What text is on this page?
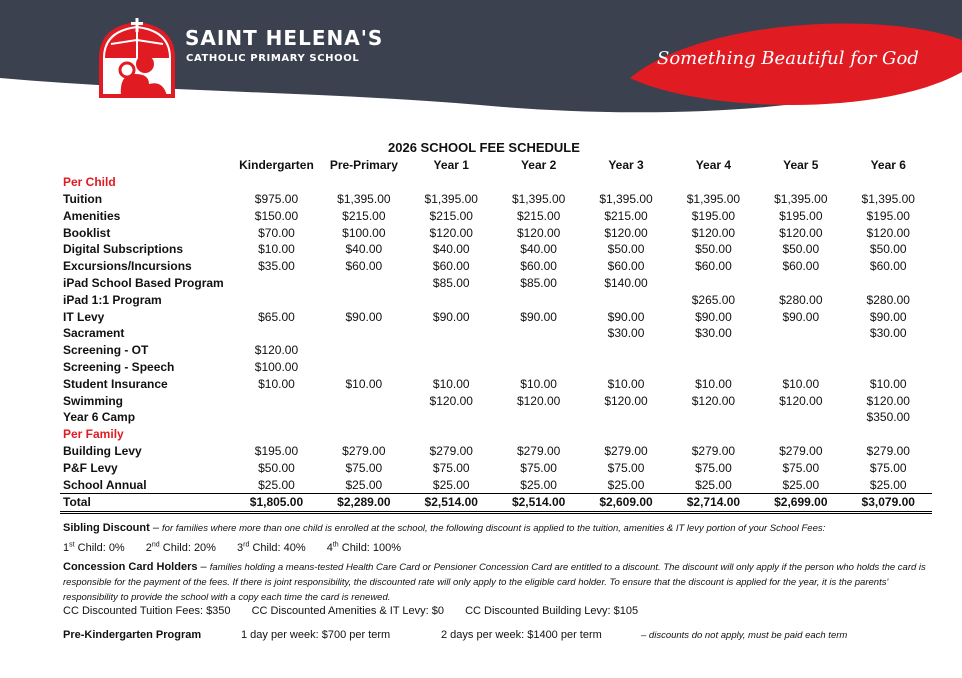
SAINT HELENA'S
CATHOLIC PRIMARY SCHOOL	Something Beautiful for God
2026 SCHOOL FEE SCHEDULE
	Kindergarten	Pre-Primary	Year 1	Year 2	Year 3	Year 4	Year 5	Year 6
Per Child								
Tuition	$975.00	$1,395.00	$1,395.00	$1,395.00	$1,395.00	$1,395.00	$1,395.00	$1,395.00
Amenities	$150.00	$215.00	$215.00	$215.00	$215.00	$195.00	$195.00	$195.00
Booklist	$70.00	$100.00	$120.00	$120.00	$120.00	$120.00	$120.00	$120.00
Digital Subscriptions	$10.00	$40.00	$40.00	$40.00	$50.00	$50.00	$50.00	$50.00
Excursions/Incursions	$35.00	$60.00	$60.00	$60.00	$60.00	$60.00	$60.00	$60.00
iPad School Based Program			$85.00	$85.00	$140.00			
iPad 1:1 Program						$265.00	$280.00	$280.00
IT Levy	$65.00	$90.00	$90.00	$90.00	$90.00	$90.00	$90.00	$90.00
Sacrament					$30.00	$30.00		$30.00
Screening - OT	$120.00							
Screening - Speech	$100.00							
Student Insurance	$10.00	$10.00	$10.00	$10.00	$10.00	$10.00	$10.00	$10.00
Swimming			$120.00	$120.00	$120.00	$120.00	$120.00	$120.00
Year 6 Camp								$350.00
Per Family								
Building Levy	$195.00	$279.00	$279.00	$279.00	$279.00	$279.00	$279.00	$279.00
P&F Levy	$50.00	$75.00	$75.00	$75.00	$75.00	$75.00	$75.00	$75.00
School Annual	$25.00	$25.00	$25.00	$25.00	$25.00	$25.00	$25.00	$25.00
Total	$1,805.00	$2,289.00	$2,514.00	$2,514.00	$2,609.00	$2,714.00	$2,699.00	$3,079.00
Sibling Discount – for families where more than one child is enrolled at the school, the following discount is applied to the tuition, amenities & IT levy portion of your School Fees:
1st Child: 0% 2nd Child: 20% 3rd Child: 40% 4th Child: 100%
Concession Card Holders – families holding a means-tested Health Care Card or Pensioner Concession Card are entitled to a discount. The discount will only apply if the person who holds the card is responsible for the payment of the fees. If there is joint responsibility, the discounted rate will only apply to the eligible card holder. To ensure that the discount is applied for the year, it is the parents' responsibility to provide the school with a copy each time the card is renewed.
CC Discounted Tuition Fees: $350 CC Discounted Amenities & IT Levy: $0 CC Discounted Building Levy: $105
Pre-Kindergarten Program	1 day per week: $700 per term	2 days per week: $1400 per term	– discounts do not apply, must be paid each term
